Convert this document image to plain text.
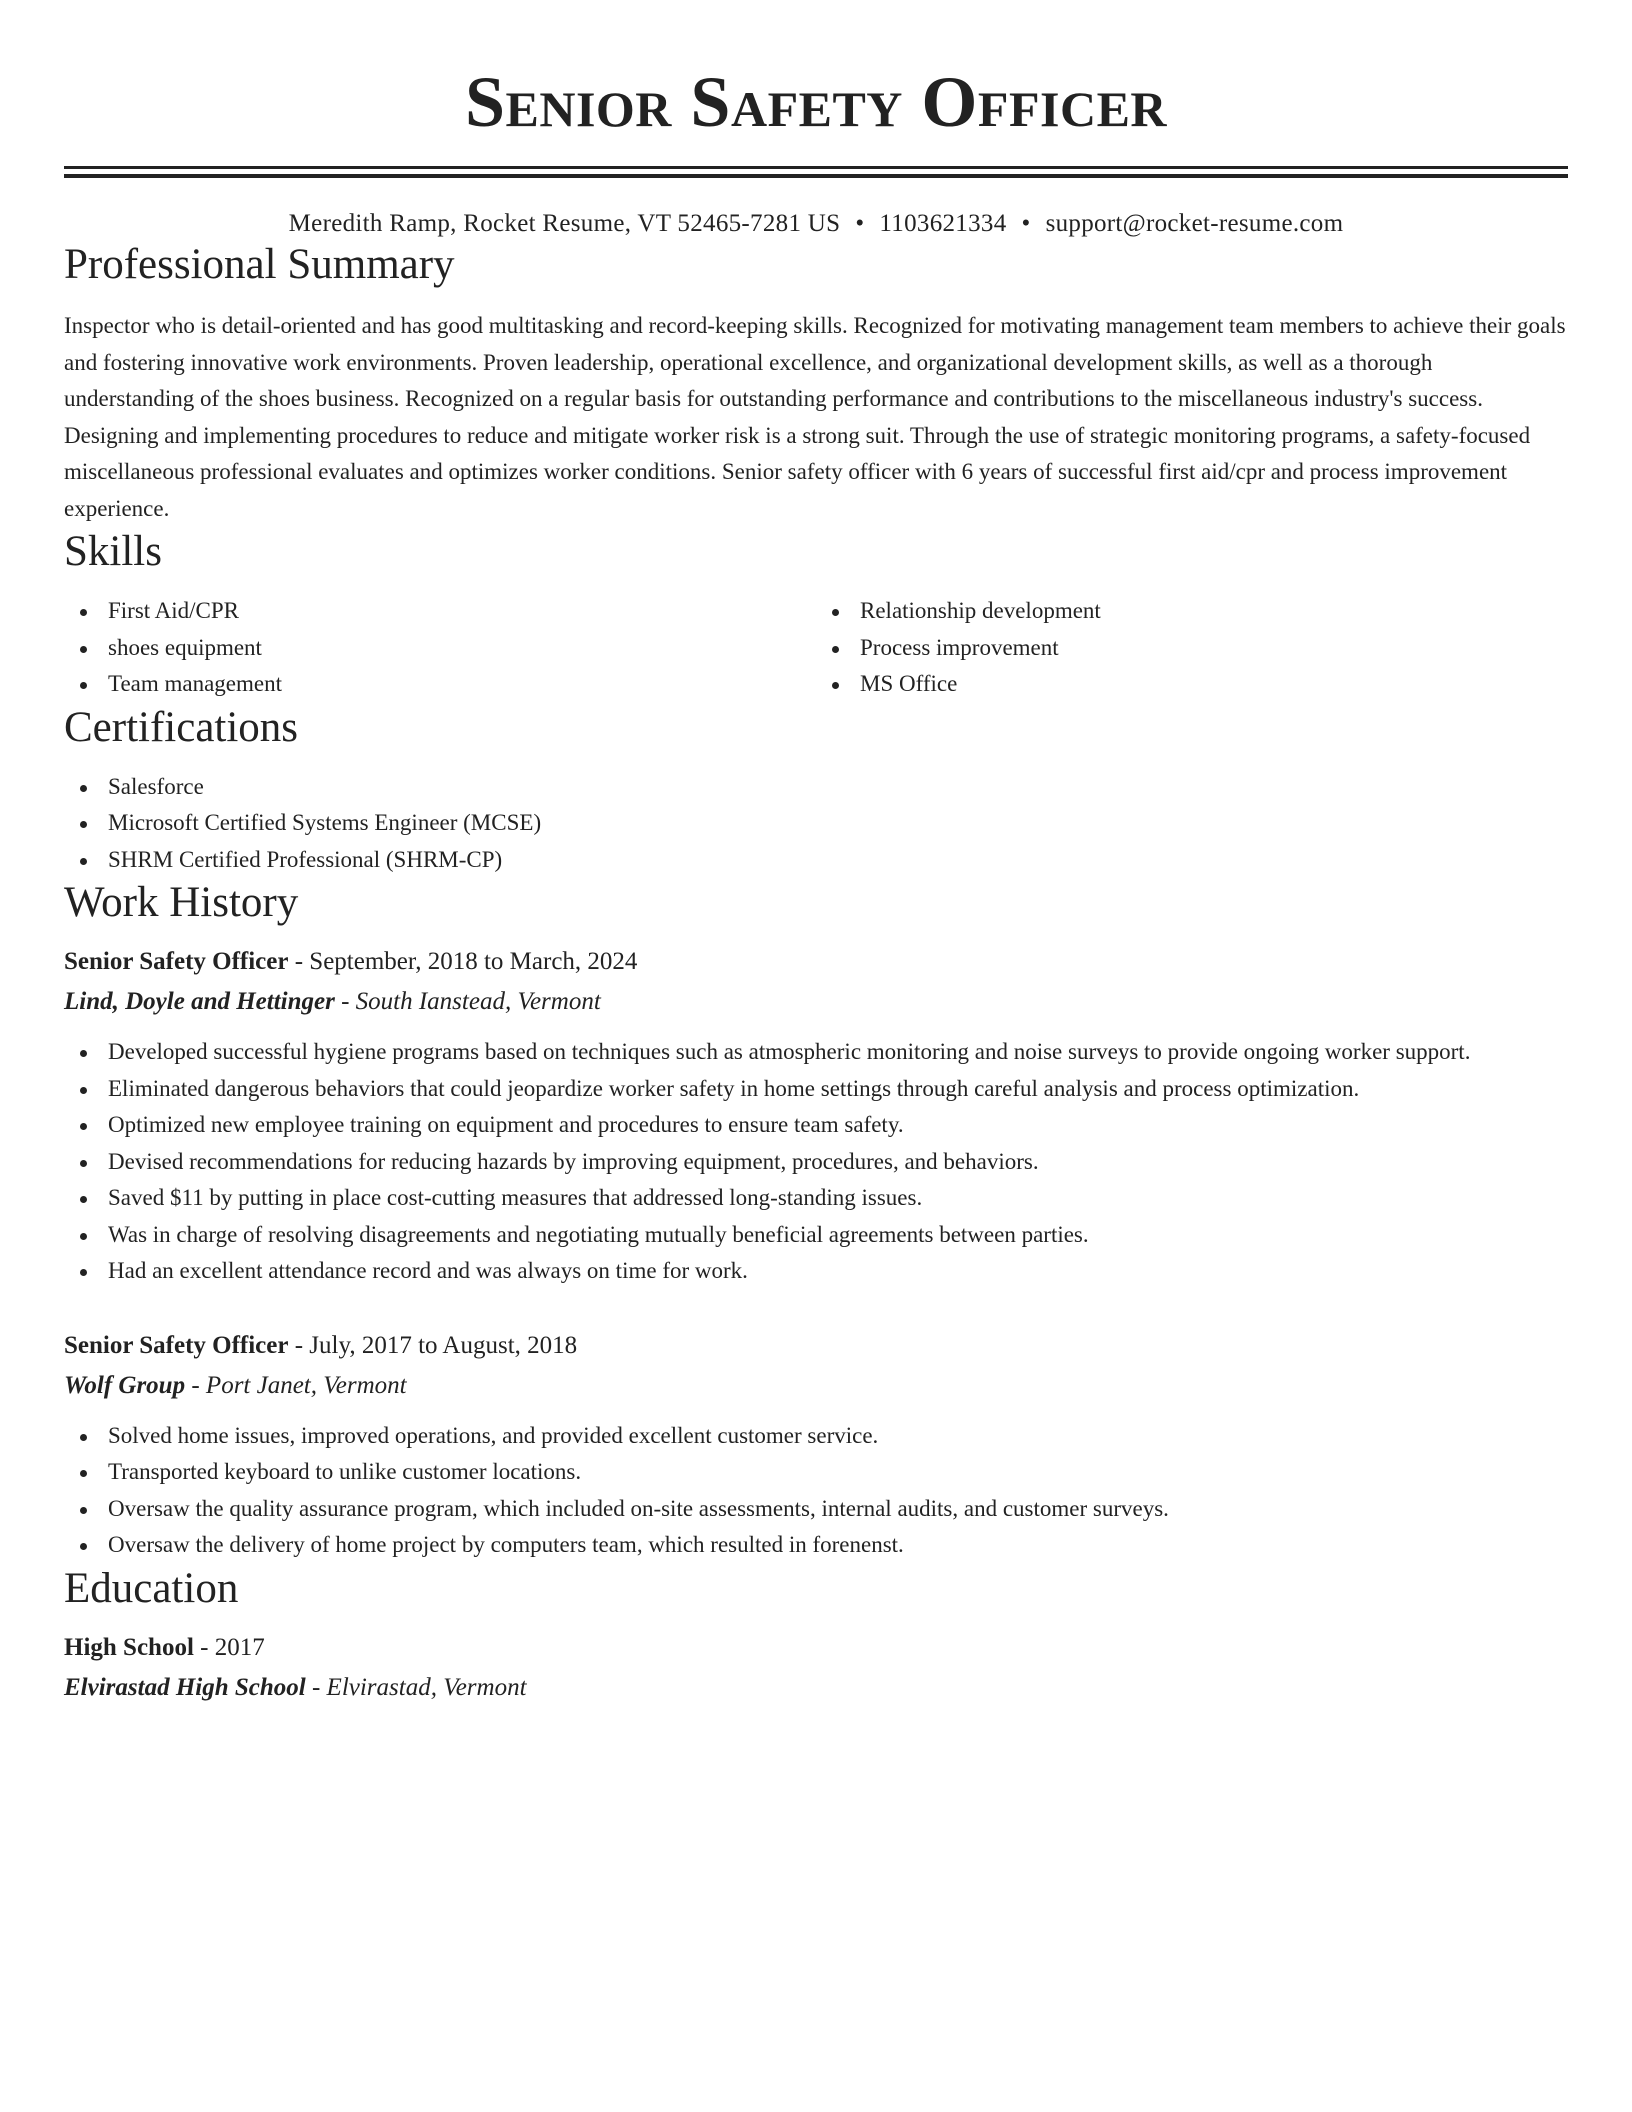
Senior Safety Officer
Meredith Ramp, Rocket Resume, VT 52465-7281 US • 1103621334 • support@rocket-resume.com
Professional Summary

Inspector who is detail-oriented and has good multitasking and record-keeping skills. Recognized for motivating management team members to achieve their goals and fostering innovative work environments. Proven leadership, operational excellence, and organizational development skills, as well as a thorough understanding of the shoes business. Recognized on a regular basis for outstanding performance and contributions to the miscellaneous industry's success. Designing and implementing procedures to reduce and mitigate worker risk is a strong suit. Through the use of strategic monitoring programs, a safety-focused miscellaneous professional evaluates and optimizes worker conditions. Senior safety officer with 6 years of successful first aid/cpr and process improvement experience.

Skills
First Aid/CPR
shoes equipment
Team management
Relationship development
Process improvement
MS Office
Certifications
Salesforce
Microsoft Certified Systems Engineer (MCSE)
SHRM Certified Professional (SHRM-CP)
Work History
Senior Safety Officer - September, 2018 to March, 2024
Lind, Doyle and Hettinger - South Ianstead, Vermont
Developed successful hygiene programs based on techniques such as atmospheric monitoring and noise surveys to provide ongoing worker support.
Eliminated dangerous behaviors that could jeopardize worker safety in home settings through careful analysis and process optimization.
Optimized new employee training on equipment and procedures to ensure team safety.
Devised recommendations for reducing hazards by improving equipment, procedures, and behaviors.
Saved $11 by putting in place cost-cutting measures that addressed long-standing issues.
Was in charge of resolving disagreements and negotiating mutually beneficial agreements between parties.
Had an excellent attendance record and was always on time for work.
Senior Safety Officer - July, 2017 to August, 2018
Wolf Group - Port Janet, Vermont
Solved home issues, improved operations, and provided excellent customer service.
Transported keyboard to unlike customer locations.
Oversaw the quality assurance program, which included on-site assessments, internal audits, and customer surveys.
Oversaw the delivery of home project by computers team, which resulted in forenenst.
Education
High School - 2017
Elvirastad High School - Elvirastad, Vermont
